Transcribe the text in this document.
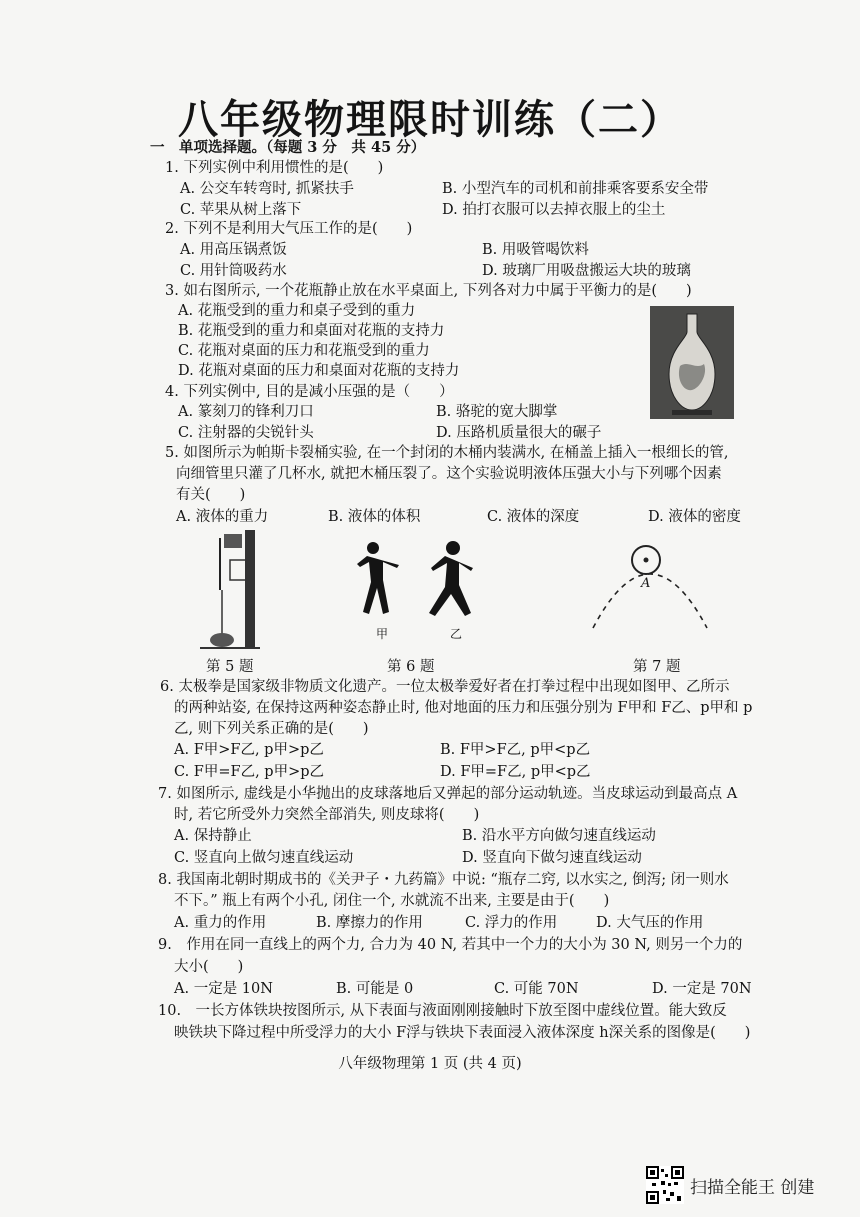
八年级物理限时训练（二）
一　单项选择题。（每题 3 分　共 45 分）
1. 下列实例中利用惯性的是(　　)
A. 公交车转弯时, 抓紧扶手	B. 小型汽车的司机和前排乘客要系安全带
C. 苹果从树上落下	D. 拍打衣服可以去掉衣服上的尘土
2. 下列不是利用大气压工作的是(　　)
A. 用高压锅煮饭	B. 用吸管喝饮料
C. 用针筒吸药水	D. 玻璃厂用吸盘搬运大块的玻璃
3. 如右图所示, 一个花瓶静止放在水平桌面上, 下列各对力中属于平衡力的是(　　)
A. 花瓶受到的重力和桌子受到的重力
B. 花瓶受到的重力和桌面对花瓶的支持力
C. 花瓶对桌面的压力和花瓶受到的重力
D. 花瓶对桌面的压力和桌面对花瓶的支持力
4. 下列实例中, 目的是减小压强的是（　　）
A. 篆刻刀的锋利刀口	B. 骆驼的宽大脚掌
C. 注射器的尖锐针头	D. 压路机质量很大的碾子
5. 如图所示为帕斯卡裂桶实验, 在一个封闭的木桶内装满水, 在桶盖上插入一根细长的管,
向细管里只灌了几杯水, 就把木桶压裂了。这个实验说明液体压强大小与下列哪个因素
有关(　　)
A. 液体的重力	B. 液体的体积	C. 液体的深度	D. 液体的密度
甲	乙
A
第 5 题	第 6 题	第 7 题
6. 太极拳是国家级非物质文化遗产。一位太极拳爱好者在打拳过程中出现如图甲、乙所示
的两种站姿, 在保持这两种姿态静止时, 他对地面的压力和压强分别为 F甲和 F乙、p甲和 p
乙, 则下列关系正确的是(　　)
A. F甲>F乙, p甲>p乙	B. F甲>F乙, p甲<p乙
C. F甲=F乙, p甲>p乙	D. F甲=F乙, p甲<p乙
7. 如图所示, 虚线是小华抛出的皮球落地后又弹起的部分运动轨迹。当皮球运动到最高点 A
时, 若它所受外力突然全部消失, 则皮球将(　　)
A. 保持静止	B. 沿水平方向做匀速直线运动
C. 竖直向上做匀速直线运动	D. 竖直向下做匀速直线运动
8. 我国南北朝时期成书的《关尹子・九药篇》中说: “瓶存二窍, 以水实之, 倒泻; 闭一则水
不下。” 瓶上有两个小孔, 闭住一个, 水就流不出来, 主要是由于(　　)
A. 重力的作用	B. 摩擦力的作用	C. 浮力的作用	D. 大气压的作用
9.　作用在同一直线上的两个力, 合力为 40 N, 若其中一个力的大小为 30 N, 则另一个力的
大小(　　)
A. 一定是 10N	B. 可能是 0	C. 可能 70N	D. 一定是 70N
10.　一长方体铁块按图所示, 从下表面与液面刚刚接触时下放至图中虚线位置。能大致反
映铁块下降过程中所受浮力的大小 F浮与铁块下表面浸入液体深度 h深关系的图像是(　　)
八年级物理第 1 页 (共 4 页)
扫描全能王 创建
